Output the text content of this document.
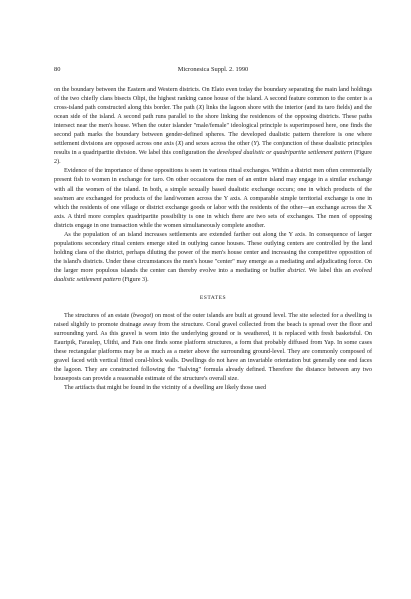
80	Micronesica Suppl. 2. 1990

on the boundary between the Eastern and Western districts. On Elato even today the boundary separating the main land holdings of the two chiefly clans bisects Olipi, the highest ranking canoe house of the island. A second feature common to the center is a cross-island path constructed along this border. The path (X) links the lagoon shore with the interior (and its taro fields) and the ocean side of the island. A second path runs parallel to the shore linking the residences of the opposing districts. These paths intersect near the men's house. When the outer islander "male/female" ideological principle is superimposed here, one finds the second path marks the boundary between gender-defined spheres. The developed dualistic pattern therefore is one where settlement divisions are opposed across one axis (X) and sexes across the other (Y). The conjunction of these dualistic principles results in a quadripartite division. We label this configuration the developed dualistic or quadripartite settlement pattern (Figure 2).

Evidence of the importance of these oppositions is seen in various ritual exchanges. Within a district men often ceremonially present fish to women in exchange for taro. On other occasions the men of an entire island may engage in a similar exchange with all the women of the island. In both, a simple sexually based dualistic exchange occurs; one in which products of the sea/men are exchanged for products of the land/women across the Y axis. A comparable simple territorial exchange is one in which the residents of one village or district exchange goods or labor with the residents of the other—an exchange across the X axis. A third more complex quadripartite possibility is one in which there are two sets of exchanges. The men of opposing districts engage in one transaction while the women simultaneously complete another.

As the population of an island increases settlements are extended farther out along the Y axis. In consequence of larger populations secondary ritual centers emerge sited in outlying canoe houses. These outlying centers are controlled by the land holding clans of the district, perhaps diluting the power of the men's house center and increasing the competitive opposition of the island's districts. Under these circumstances the men's house "center" may emerge as a mediating and adjudicating force. On the larger more populous islands the center can thereby evolve into a mediating or buffer district. We label this an evolved dualistic settlement pattern (Figure 3).

ESTATES

The structures of an estate (bwogot) on most of the outer islands are built at ground level. The site selected for a dwelling is raised slightly to promote drainage away from the structure. Coral gravel collected from the beach is spread over the floor and surrounding yard. As this gravel is worn into the underlying ground or is weathered, it is replaced with fresh basketsful. On Eauripik, Faraulep, Ulithi, and Fais one finds some platform structures, a form that probably diffused from Yap. In some cases these rectangular platforms may be as much as a meter above the surrounding ground-level. They are commonly composed of gravel faced with vertical fitted coral-block walls. Dwellings do not have an invariable orientation but generally one end faces the lagoon. They are constructed following the "halving" formula already defined. Therefore the distance between any two houseposts can provide a reasonable estimate of the structure's overall size.

The artifacts that might be found in the vicinity of a dwelling are likely those used
